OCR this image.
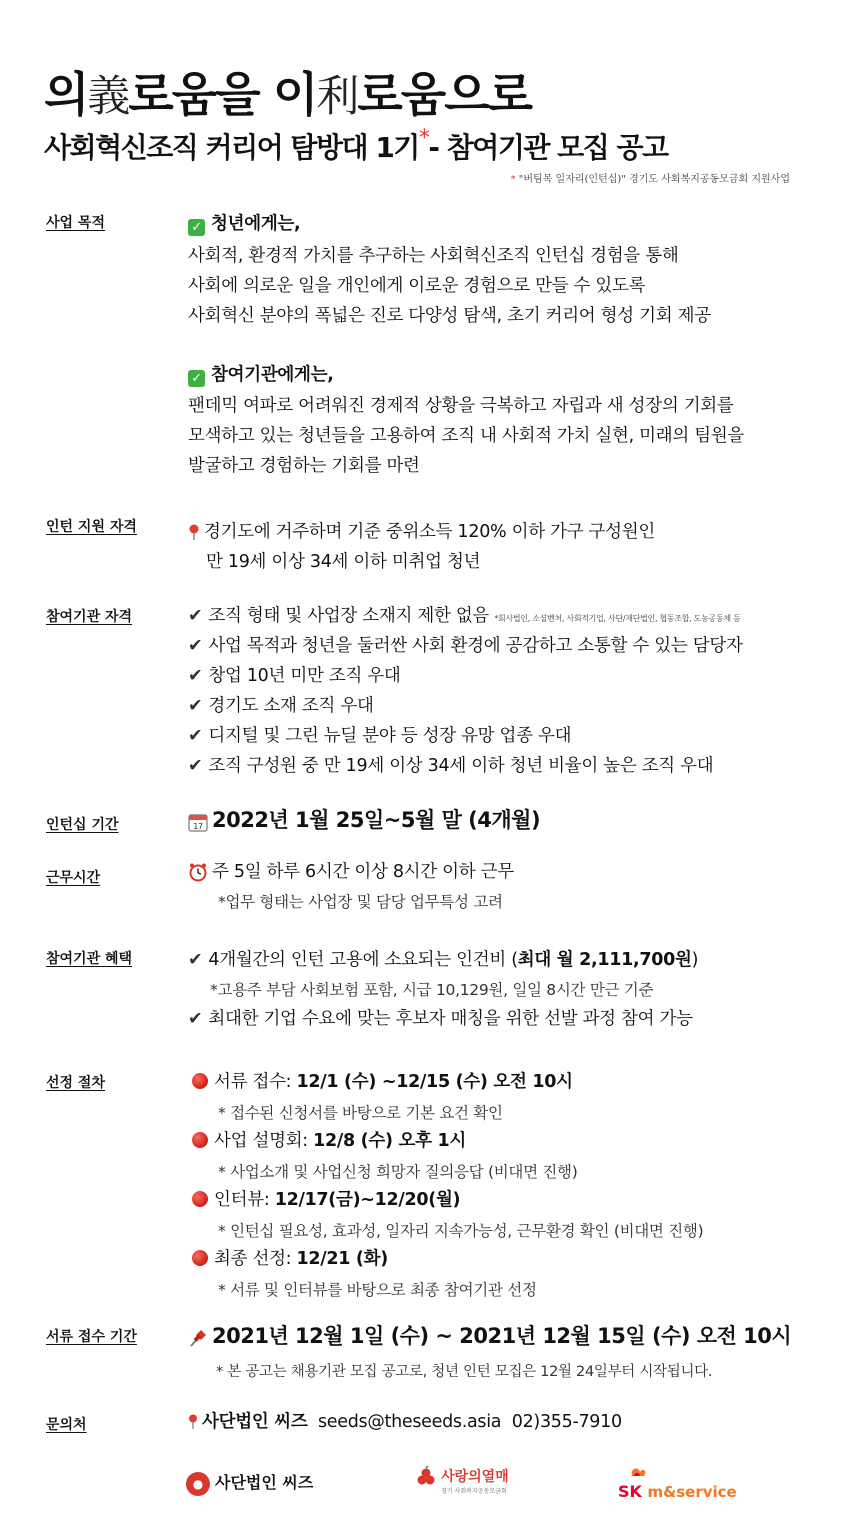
의義로움을 이利로움으로
사회혁신조직 커리어 탐방대 1기*- 참여기관 모집 공고
* "버팀목 일자리(인턴십)" 경기도 사회복지공동모금회 지원사업
사업 목적	✓ 청년에게는,
사회적, 환경적 가치를 추구하는 사회혁신조직 인턴십 경험을 통해
사회에 의로운 일을 개인에게 이로운 경험으로 만들 수 있도록
사회혁신 분야의 폭넓은 진로 다양성 탐색, 초기 커리어 형성 기회 제공
✓ 참여기관에게는,
팬데믹 여파로 어려워진 경제적 상황을 극복하고 자립과 새 성장의 기회를
모색하고 있는 청년들을 고용하여 조직 내 사회적 가치 실현, 미래의 팀원을
발굴하고 경험하는 기회를 마련
인턴 지원 자격	경기도에 거주하며 기준 중위소득 120% 이하 가구 구성원인
만 19세 이상 34세 이하 미취업 청년
참여기관 자격	✔ 조직 형태 및 사업장 소재지 제한 없음 *회사법인, 소셜벤처, 사회적기업, 사단/재단법인, 협동조합, 도농공동체 등
✔ 사업 목적과 청년을 둘러싼 사회 환경에 공감하고 소통할 수 있는 담당자
✔ 창업 10년 미만 조직 우대
✔ 경기도 소재 조직 우대
✔ 디지털 및 그린 뉴딜 분야 등 성장 유망 업종 우대
✔ 조직 구성원 중 만 19세 이상 34세 이하 청년 비율이 높은 조직 우대
인턴십 기간	17 2022년 1월 25일~5월 말 (4개월)
근무시간	주 5일 하루 6시간 이상 8시간 이하 근무
*업무 형태는 사업장 및 담당 업무특성 고려
참여기관 혜택	✔ 4개월간의 인턴 고용에 소요되는 인건비 (최대 월 2,111,700원)
*고용주 부담 사회보험 포함, 시급 10,129원, 일일 8시간 만근 기준
✔ 최대한 기업 수요에 맞는 후보자 매칭을 위한 선발 과정 참여 가능
선정 절차	서류 접수: 12/1 (수) ~12/15 (수) 오전 10시
* 접수된 신청서를 바탕으로 기본 요건 확인
사업 설명회: 12/8 (수) 오후 1시
* 사업소개 및 사업신청 희망자 질의응답 (비대면 진행)
인터뷰: 12/17(금)~12/20(월)
* 인턴십 필요성, 효과성, 일자리 지속가능성, 근무환경 확인 (비대면 진행)
최종 선정: 12/21 (화)
* 서류 및 인터뷰를 바탕으로 최종 참여기관 선정
서류 접수 기간	2021년 12월 1일 (수) ~ 2021년 12월 15일 (수) 오전 10시
* 본 공고는 채용기관 모집 공고로, 청년 인턴 모집은 12월 24일부터 시작됩니다.
문의처	사단법인 씨즈 seeds@theseeds.asia 02)355-7910
● 사단법인 씨즈
	사랑의열매
경기 사회복지공동모금회	SK m&service
